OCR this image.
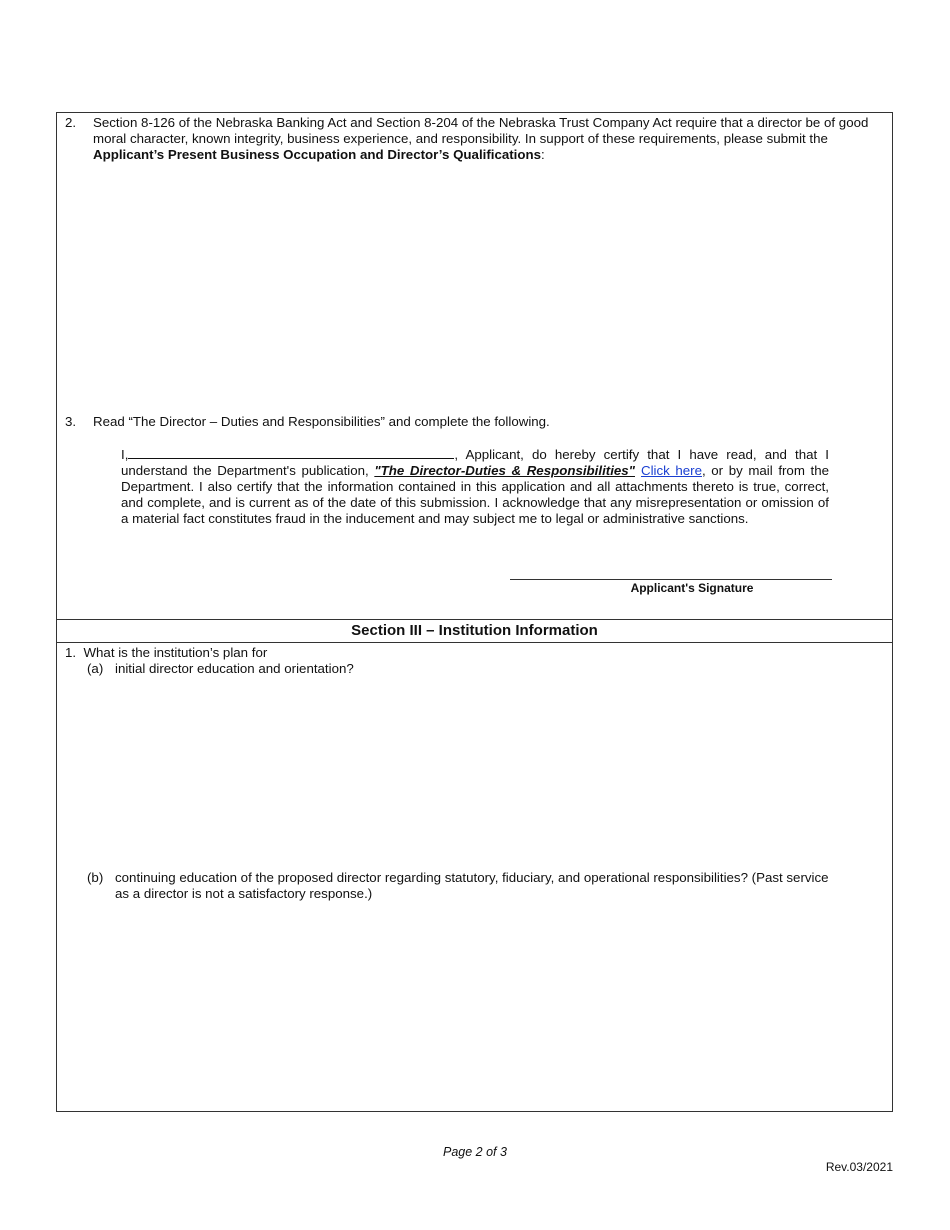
2. Section 8-126 of the Nebraska Banking Act and Section 8-204 of the Nebraska Trust Company Act require that a director be of good moral character, known integrity, business experience, and responsibility. In support of these requirements, please submit the Applicant’s Present Business Occupation and Director’s Qualifications:
3. Read “The Director – Duties and Responsibilities” and complete the following.
I,	, Applicant, do hereby certify that I have read, and that I understand the Department's publication, "The Director-Duties & Responsibilities" Click here, or by mail from the Department. I also certify that the information contained in this application and all attachments thereto is true, correct, and complete, and is current as of the date of this submission. I acknowledge that any misrepresentation or omission of a material fact constitutes fraud in the inducement and may subject me to legal or administrative sanctions.
Applicant's Signature
Section III – Institution Information
1. What is the institution’s plan for
(a) initial director education and orientation?
(b) continuing education of the proposed director regarding statutory, fiduciary, and operational responsibilities? (Past service as a director is not a satisfactory response.)
Page 2 of 3
Rev.03/2021
